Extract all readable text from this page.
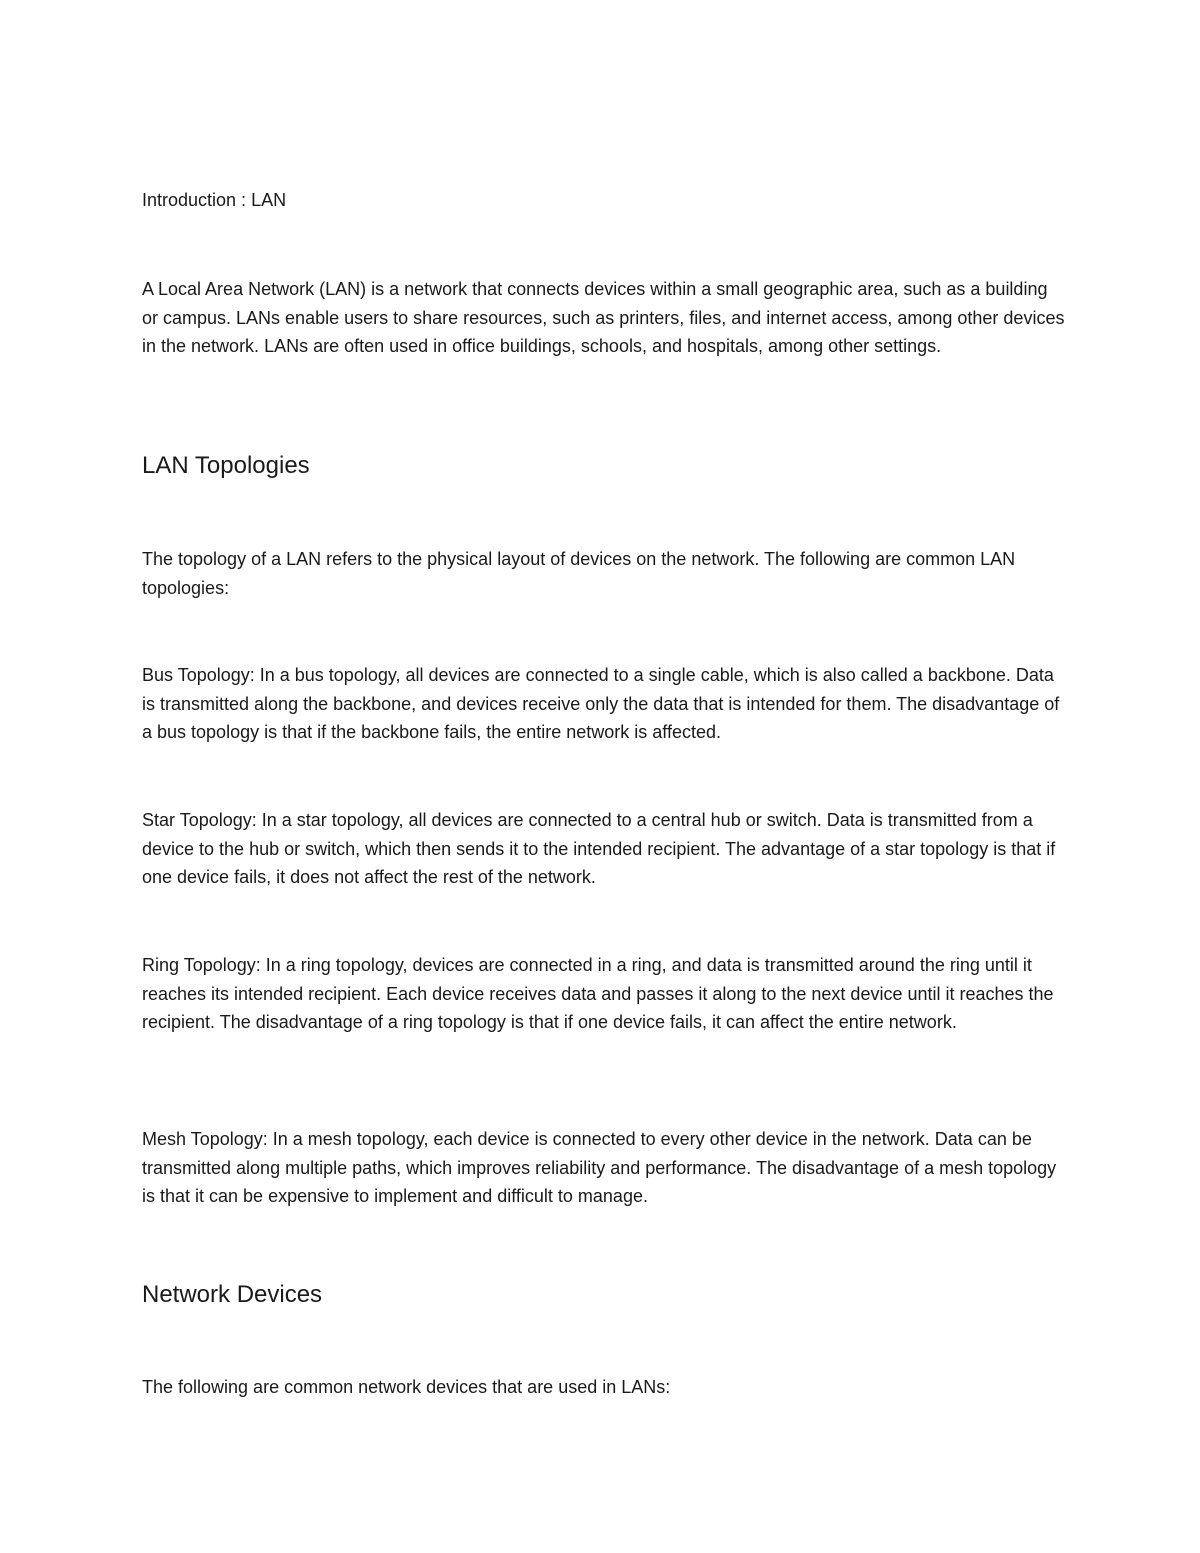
Introduction : LAN

A Local Area Network (LAN) is a network that connects devices within a small geographic area, such as a building or campus. LANs enable users to share resources, such as printers, files, and internet access, among other devices in the network. LANs are often used in office buildings, schools, and hospitals, among other settings.

LAN Topologies

The topology of a LAN refers to the physical layout of devices on the network. The following are common LAN topologies:

Bus Topology: In a bus topology, all devices are connected to a single cable, which is also called a backbone. Data is transmitted along the backbone, and devices receive only the data that is intended for them. The disadvantage of a bus topology is that if the backbone fails, the entire network is affected.

Star Topology: In a star topology, all devices are connected to a central hub or switch. Data is transmitted from a device to the hub or switch, which then sends it to the intended recipient. The advantage of a star topology is that if one device fails, it does not affect the rest of the network.

Ring Topology: In a ring topology, devices are connected in a ring, and data is transmitted around the ring until it reaches its intended recipient. Each device receives data and passes it along to the next device until it reaches the recipient. The disadvantage of a ring topology is that if one device fails, it can affect the entire network.

Mesh Topology: In a mesh topology, each device is connected to every other device in the network. Data can be transmitted along multiple paths, which improves reliability and performance. The disadvantage of a mesh topology is that it can be expensive to implement and difficult to manage.

Network Devices

The following are common network devices that are used in LANs:
